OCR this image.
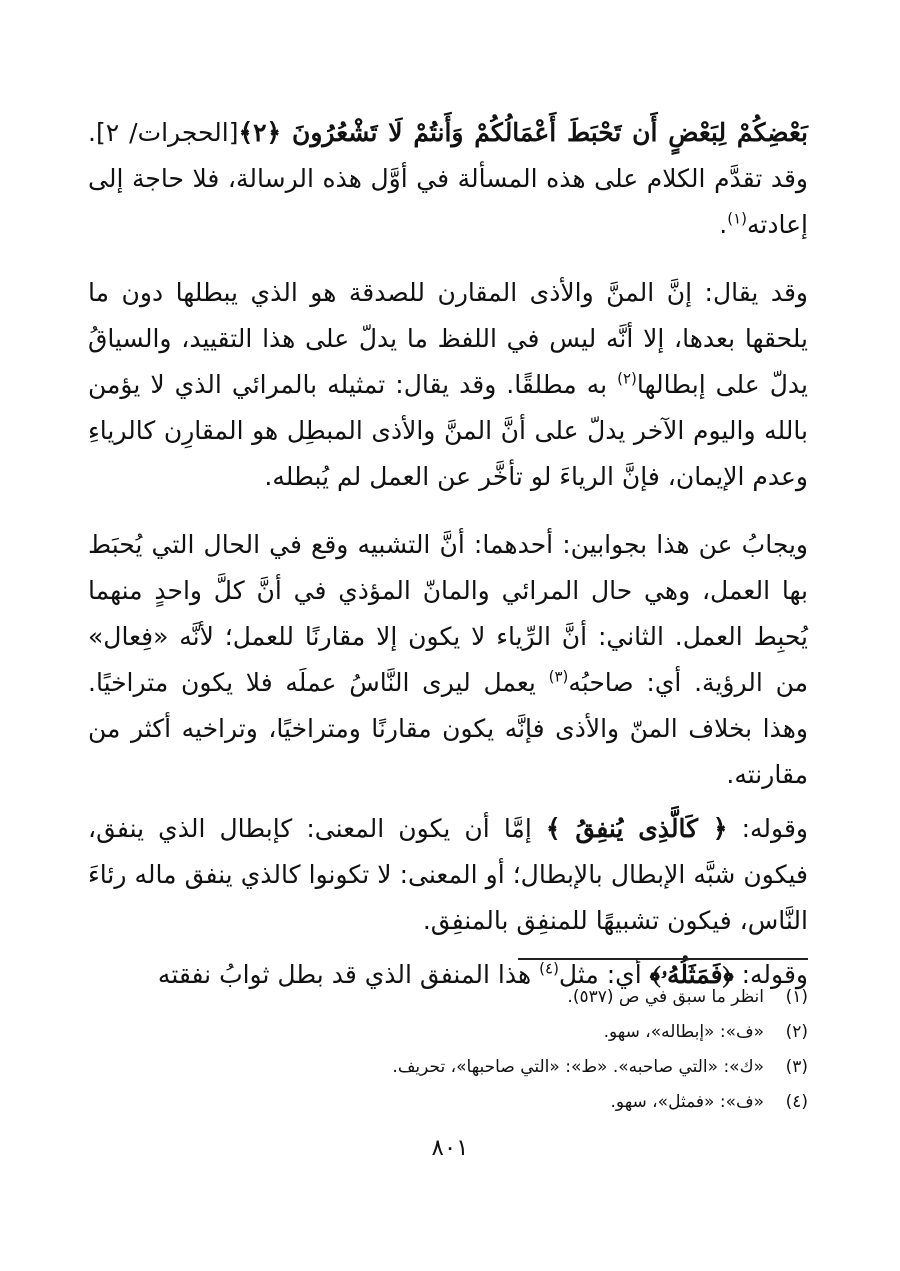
بَعْضِكُمْ لِبَعْضٍ أَن تَحْبَطَ أَعْمَالُكُمْ وَأَنتُمْ لَا تَشْعُرُونَ ﴿٢﴾[الحجرات/ ٢]. وقد تقدَّم الكلام على هذه المسألة في أوَّل هذه الرسالة، فلا حاجة إلى إعادته$^{(١)}$.

وقد يقال: إنَّ المنَّ والأذى المقارن للصدقة هو الذي يبطلها دون ما يلحقها بعدها، إلا أنَّه ليس في اللفظ ما يدلّ على هذا التقييد، والسياقُ يدلّ على إبطالها$^{(٢)}$ به مطلقًا. وقد يقال: تمثيله بالمرائي الذي لا يؤمن بالله واليوم الآخر يدلّ على أنَّ المنَّ والأذى المبطِل هو المقارِن كالرياءِ وعدم الإيمان، فإنَّ الرياءَ لو تأخَّر عن العمل لم يُبطله.

ويجابُ عن هذا بجوابين: أحدهما: أنَّ التشبيه وقع في الحال التي يُحبَط بها العمل، وهي حال المرائي والمانّ المؤذي في أنَّ كلَّ واحدٍ منهما يُحبِط العمل. الثاني: أنَّ الرِّياء لا يكون إلا مقارنًا للعمل؛ لأنَّه «فِعال» من الرؤية. أي: صاحبُه$^{(٣)}$ يعمل ليرى النَّاسُ عملَه فلا يكون متراخيًا. وهذا بخلاف المنّ والأذى فإنَّه يكون مقارنًا ومتراخيًا، وتراخيه أكثر من مقارنته.

وقوله: ﴿ كَالَّذِى يُنفِقُ ﴾ إمَّا أن يكون المعنى: كإبطال الذي ينفق، فيكون شبَّه الإبطال بالإبطال؛ أو المعنى: لا تكونوا كالذي ينفق ماله رئاءَ النَّاس، فيكون تشبيهًا للمنفِق بالمنفِق.

وقوله: ﴿فَمَثَلُهُۥ﴾ أي: مثل$^{(٤)}$ هذا المنفق الذي قد بطل ثوابُ نفقته

(١)
انظر ما سبق في ص (٥٣٧).
(٢)
«ف»: «إبطاله»، سهو.
(٣)
«ك»: «التي صاحبه». «ط»: «التي صاحبها»، تحريف.
(٤)
«ف»: «فمثل»، سهو.
٨٠١
